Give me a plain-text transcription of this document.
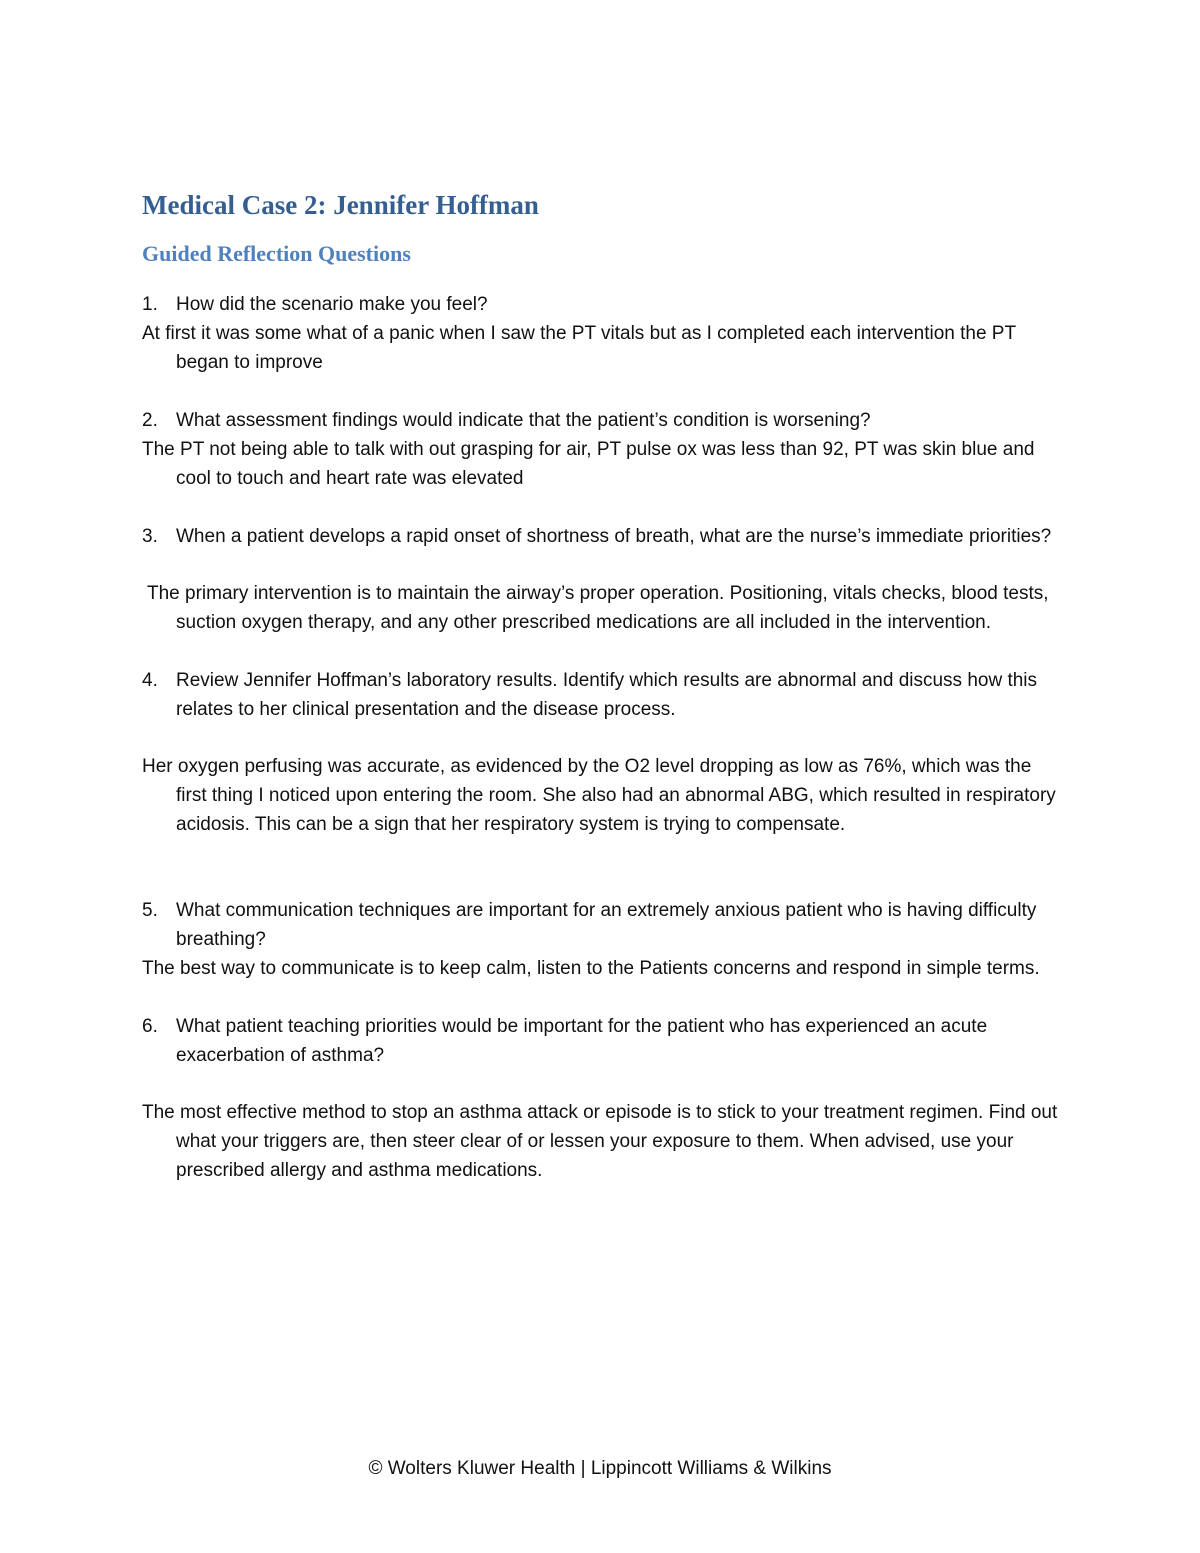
Medical Case 2: Jennifer Hoffman
Guided Reflection Questions

1. How did the scenario make you feel?

At first it was some what of a panic when I saw the PT vitals but as I completed each intervention the PT began to improve

2. What assessment findings would indicate that the patient’s condition is worsening?

The PT not being able to talk with out grasping for air, PT pulse ox was less than 92, PT was skin blue and cool to touch and heart rate was elevated

3. When a patient develops a rapid onset of shortness of breath, what are the nurse’s immediate priorities?

The primary intervention is to maintain the airway’s proper operation. Positioning, vitals checks, blood tests, suction oxygen therapy, and any other prescribed medications are all included in the intervention.

4. Review Jennifer Hoffman’s laboratory results. Identify which results are abnormal and discuss how this relates to her clinical presentation and the disease process.

Her oxygen perfusing was accurate, as evidenced by the O2 level dropping as low as 76%, which was the first thing I noticed upon entering the room. She also had an abnormal ABG, which resulted in respiratory acidosis. This can be a sign that her respiratory system is trying to compensate.

5. What communication techniques are important for an extremely anxious patient who is having difficulty breathing?

The best way to communicate is to keep calm, listen to the Patients concerns and respond in simple terms.

6. What patient teaching priorities would be important for the patient who has experienced an acute exacerbation of asthma?

The most effective method to stop an asthma attack or episode is to stick to your treatment regimen. Find out what your triggers are, then steer clear of or lessen your exposure to them. When advised, use your prescribed allergy and asthma medications.

© Wolters Kluwer Health | Lippincott Williams & Wilkins
